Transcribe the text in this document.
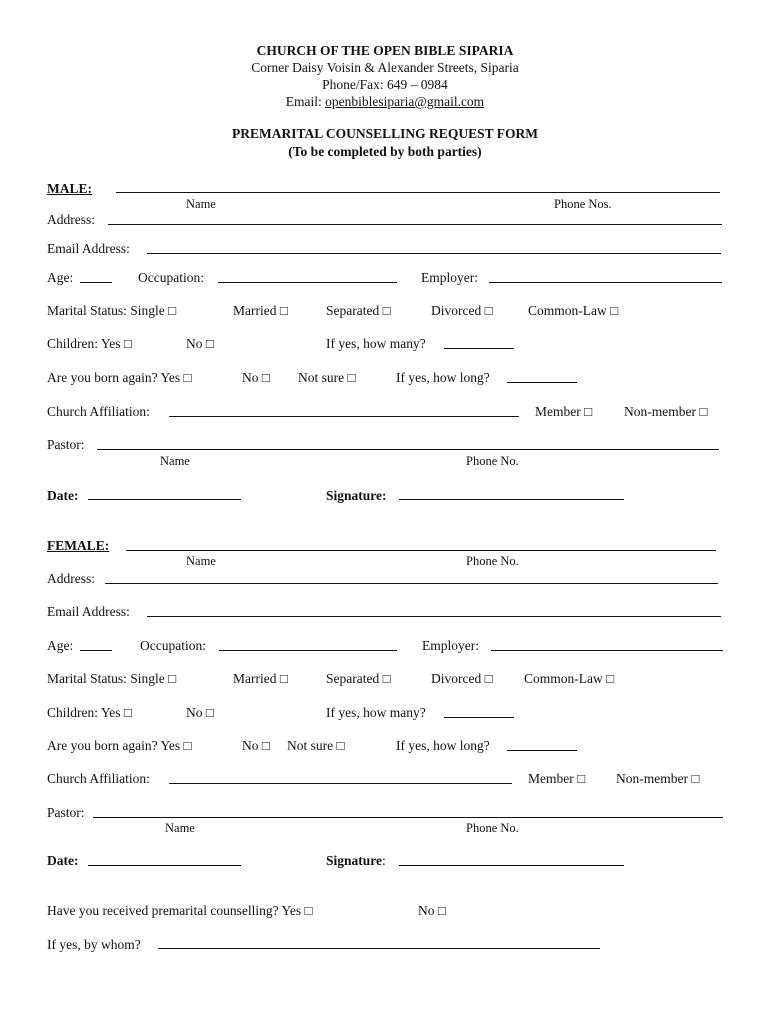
CHURCH OF THE OPEN BIBLE SIPARIA
Corner Daisy Voisin & Alexander Streets, Siparia
Phone/Fax: 649 – 0984
Email: openbiblesiparia@gmail.com
PREMARITAL COUNSELLING REQUEST FORM
(To be completed by both parties)
MALE:
Name	Phone Nos.
Address:
Email Address:
Age:	Occupation:	Employer:
Marital Status: Single □	Married □	Separated □	Divorced □	Common-Law □
Children: Yes □	No □	If yes, how many?
Are you born again? Yes □	No □ Not sure □	If yes, how long?
Church Affiliation:	Member □ Non-member □
Pastor:
Name	Phone No.
Date:	Signature:
FEMALE:
Name	Phone No.
Address:
Email Address:
Age:	Occupation:	Employer:
Marital Status: Single □	Married □	Separated □	Divorced □ Common-Law □
Children: Yes □	No □	If yes, how many?
Are you born again? Yes □	No □ Not sure □	If yes, how long?
Church Affiliation:	Member □ Non-member □
Pastor:
Name	Phone No.
Date:	Signature:
Have you received premarital counselling? Yes □	No □
If yes, by whom?
